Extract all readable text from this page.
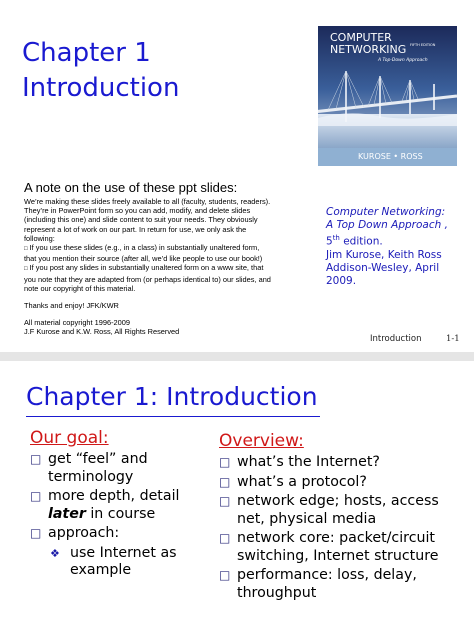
Chapter 1
Introduction
COMPUTER
NETWORKING FIFTH EDITION
A Top-Down Approach
KUROSE • ROSS
A note on the use of these ppt slides:
We’re making these slides freely available to all (faculty, students, readers).
They’re in PowerPoint form so you can add, modify, and delete slides
(including this one) and slide content to suit your needs. They obviously
represent a lot of work on our part. In return for use, we only ask the
following:
□ If you use these slides (e.g., in a class) in substantially unaltered form,
that you mention their source (after all, we’d like people to use our book!)
□ If you post any slides in substantially unaltered form on a www site, that
you note that they are adapted from (or perhaps identical to) our slides, and
note our copyright of this material.
Thanks and enjoy! JFK/KWR
All material copyright 1996-2009
J.F Kurose and K.W. Ross, All Rights Reserved
Computer Networking:
A Top Down Approach ,
5th edition.
Jim Kurose, Keith Ross
Addison-Wesley, April
2009.
Introduction	1-1
Chapter 1: Introduction
Our goal:
□ get “feel” and terminology
□ more depth, detail
later in course
□ approach:
❖ use Internet as example
Overview:
□ what’s the Internet?
□ what’s a protocol?
□ network edge; hosts, access net, physical media
□ network core: packet/circuit switching, Internet structure
□ performance: loss, delay, throughput
